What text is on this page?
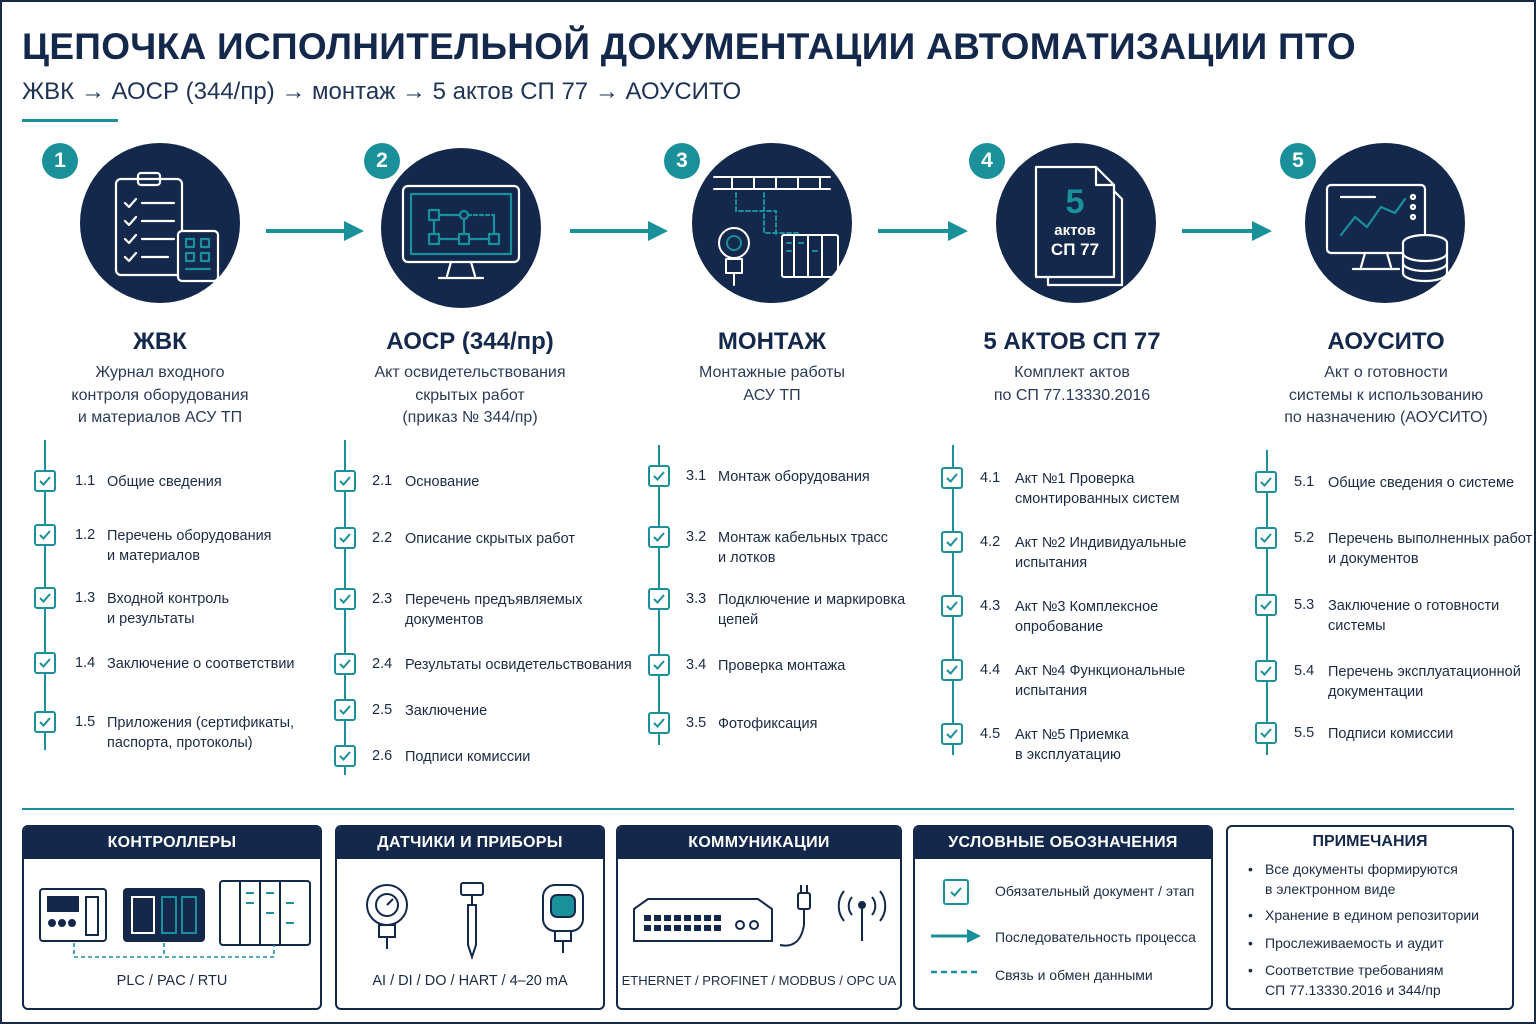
ЦЕПОЧКА ИСПОЛНИТЕЛЬНОЙ ДОКУМЕНТАЦИИ АВТОМАТИЗАЦИИ ПТО
ЖВК → АОСР (344/пр) → монтаж → 5 актов СП 77 → АОУСИТО
1
ЖВК
Журнал входного
контроля оборудования
и материалов АСУ ТП
2
АОСР (344/пр)
Акт освидетельствования
скрытых работ
(приказ № 344/пр)
3
МОНТАЖ
Монтажные работы
АСУ ТП
5
актов
СП 77
4
5 АКТОВ СП 77
Комплект актов
по СП 77.13330.2016
5
АОУСИТО
Акт о готовности
системы к использованию
по назначению (АОУСИТО)
1.1 Общие сведения
1.2 Перечень оборудования
и материалов
1.3 Входной контроль
и результаты
1.4 Заключение о соответствии
1.5 Приложения (сертификаты,
паспорта, протоколы)
2.1 Основание
2.2 Описание скрытых работ
2.3 Перечень предъявляемых
документов
2.4 Результаты освидетельствования
2.5 Заключение
2.6 Подписи комиссии
3.1 Монтаж оборудования
3.2 Монтаж кабельных трасс
и лотков
3.3 Подключение и маркировка
цепей
3.4 Проверка монтажа
3.5 Фотофиксация
4.1 Акт №1 Проверка
смонтированных систем
4.2 Акт №2 Индивидуальные
испытания
4.3 Акт №3 Комплексное
опробование
4.4 Акт №4 Функциональные
испытания
4.5 Акт №5 Приемка
в эксплуатацию
5.1 Общие сведения о системе
5.2 Перечень выполненных работ
и документов
5.3 Заключение о готовности
системы
5.4 Перечень эксплуатационной
документации
5.5 Подписи комиссии
КОНТРОЛЛЕРЫ
PLC / PAC / RTU
ДАТЧИКИ И ПРИБОРЫ
AI / DI / DO / HART / 4–20 mA
КОММУНИКАЦИИ
ETHERNET / PROFINET / MODBUS / OPC UA
УСЛОВНЫЕ ОБОЗНАЧЕНИЯ
Обязательный документ / этап
Последовательность процесса
Связь и обмен данными
ПРИМЕЧАНИЯ
• Все документы формируются
в электронном виде
• Хранение в едином репозитории
• Прослеживаемость и аудит
• Соответствие требованиям
СП 77.13330.2016 и 344/пр
